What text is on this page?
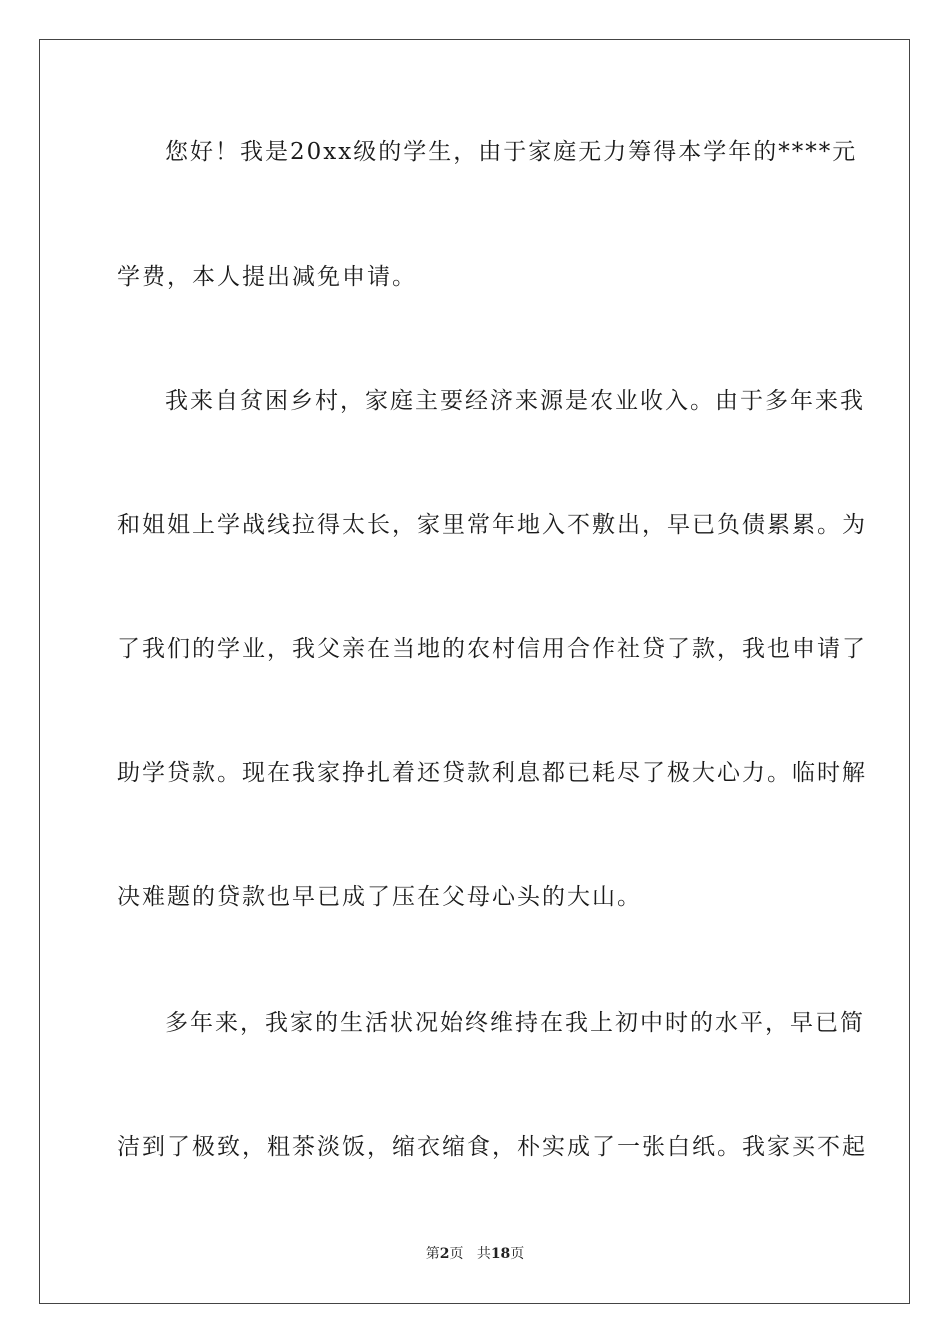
您好！我是20xx级的学生，由于家庭无力筹得本学年的****元
学费，本人提出减免申请。
我来自贫困乡村，家庭主要经济来源是农业收入。由于多年来我
和姐姐上学战线拉得太长，家里常年地入不敷出，早已负债累累。为
了我们的学业，我父亲在当地的农村信用合作社贷了款，我也申请了
助学贷款。现在我家挣扎着还贷款利息都已耗尽了极大心力。临时解
决难题的贷款也早已成了压在父母心头的大山。
多年来，我家的生活状况始终维持在我上初中时的水平，早已简
洁到了极致，粗茶淡饭，缩衣缩食，朴实成了一张白纸。我家买不起
第2页 共18页
